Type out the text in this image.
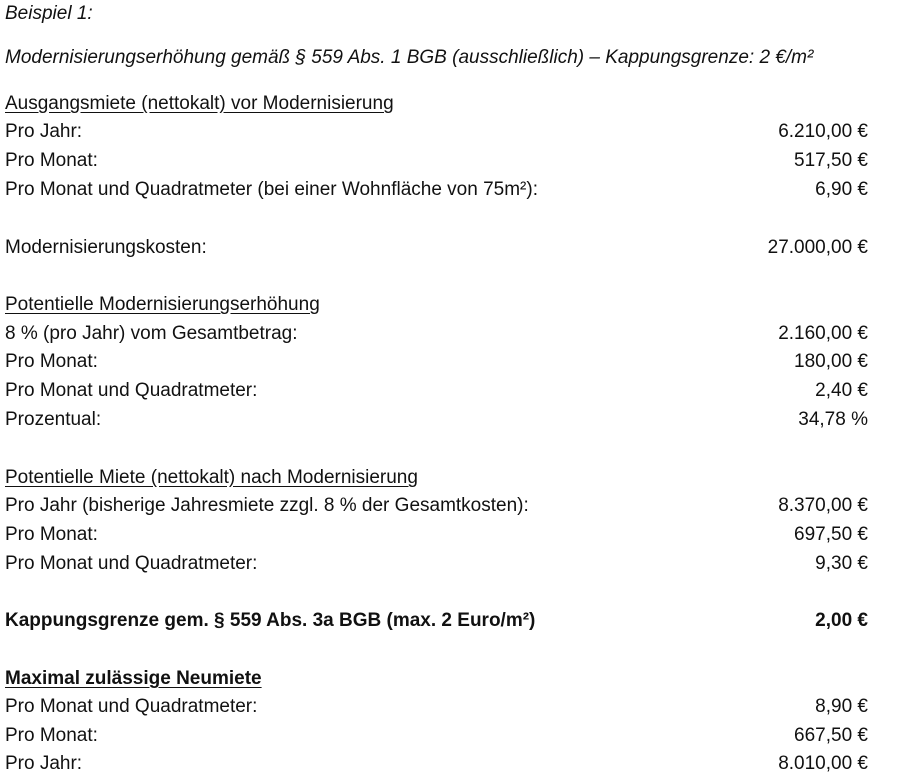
Beispiel 1:
Modernisierungserhöhung gemäß § 559 Abs. 1 BGB (ausschließlich) – Kappungsgrenze: 2 €/m²
Ausgangsmiete (nettokalt) vor Modernisierung
Pro Jahr:	6.210,00 €
Pro Monat:	517,50 €
Pro Monat und Quadratmeter (bei einer Wohnfläche von 75m²):	6,90 €
Modernisierungskosten:	27.000,00 €
Potentielle Modernisierungserhöhung
8 % (pro Jahr) vom Gesamtbetrag:	2.160,00 €
Pro Monat:	180,00 €
Pro Monat und Quadratmeter:	2,40 €
Prozentual:	34,78 %
Potentielle Miete (nettokalt) nach Modernisierung
Pro Jahr (bisherige Jahresmiete zzgl. 8 % der Gesamtkosten):	8.370,00 €
Pro Monat:	697,50 €
Pro Monat und Quadratmeter:	9,30 €
Kappungsgrenze gem. § 559 Abs. 3a BGB (max. 2 Euro/m²)	2,00 €
Maximal zulässige Neumiete
Pro Monat und Quadratmeter:	8,90 €
Pro Monat:	667,50 €
Pro Jahr:	8.010,00 €
